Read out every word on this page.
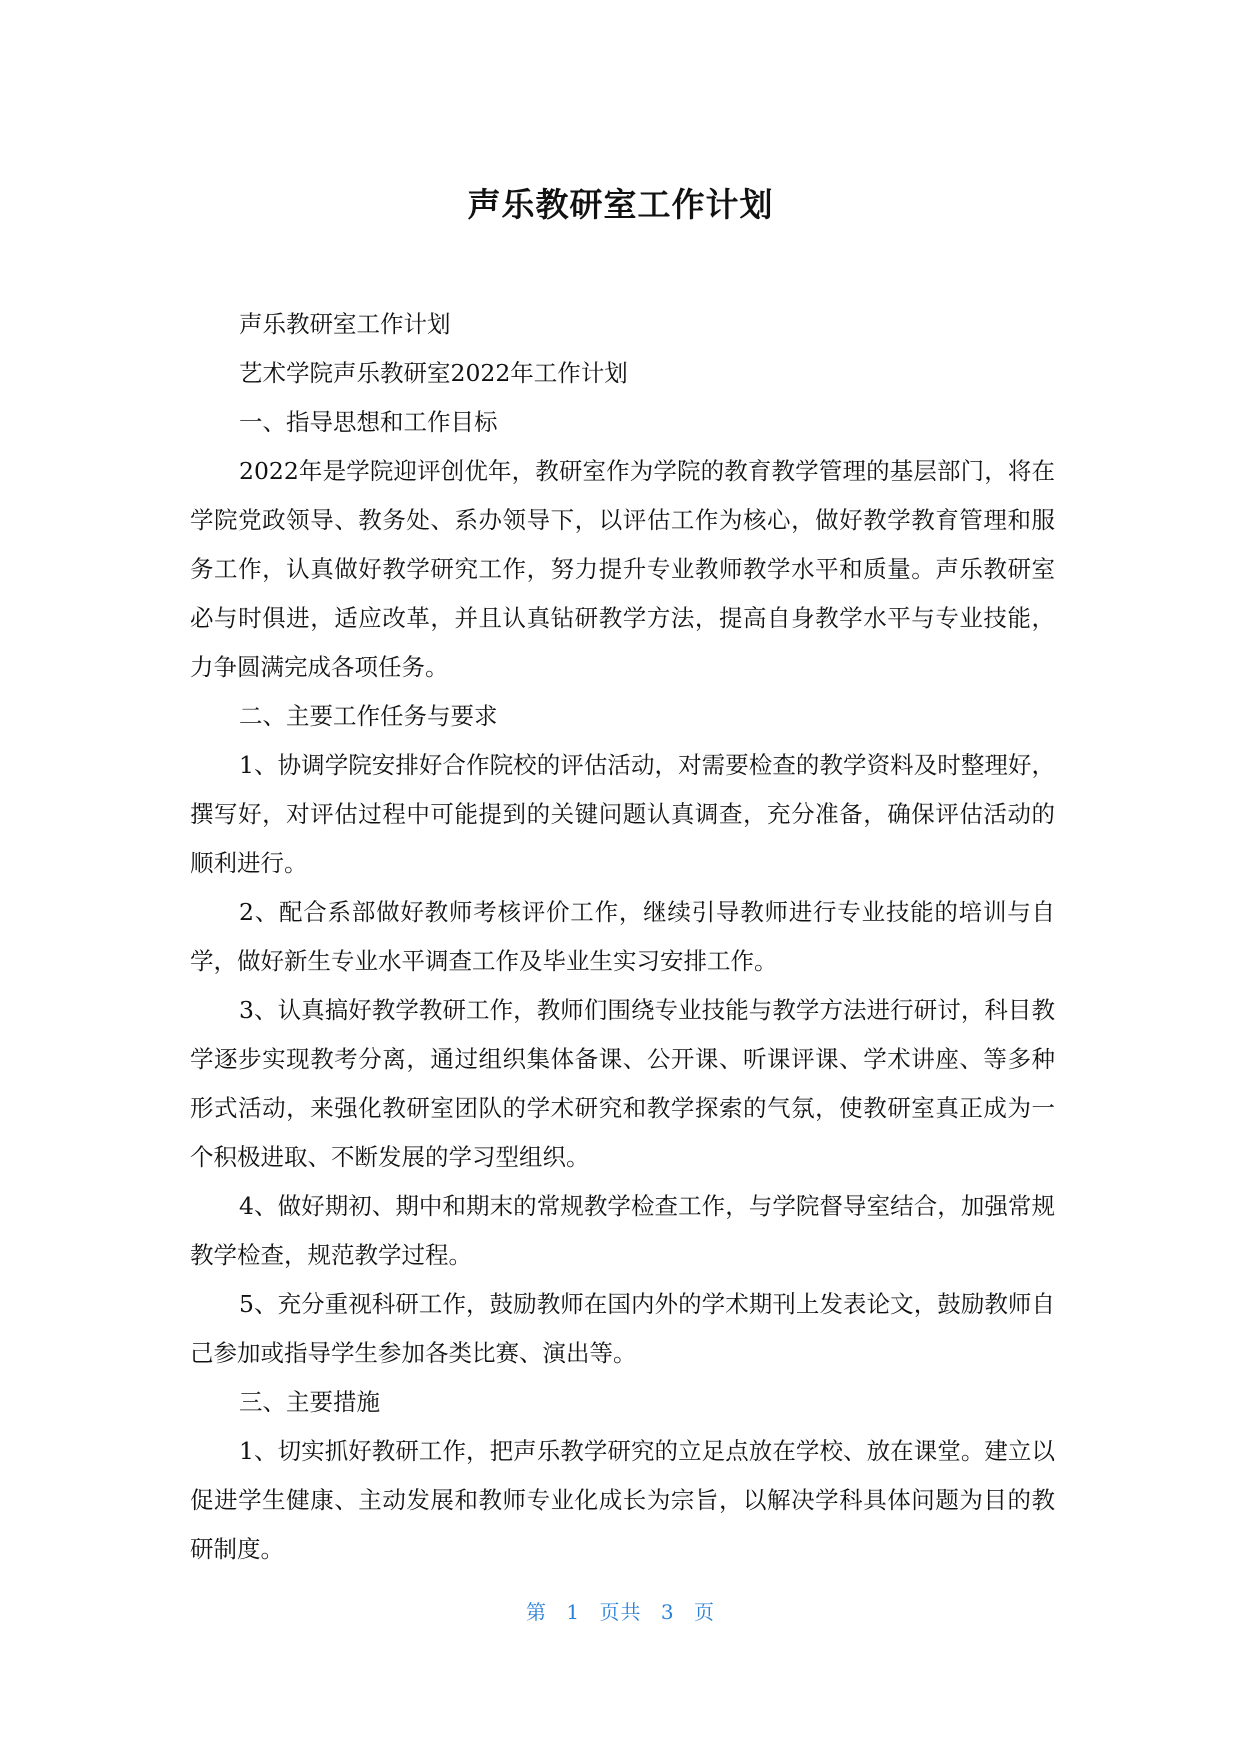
声乐教研室工作计划

声乐教研室工作计划

艺术学院声乐教研室2022年工作计划

一、指导思想和工作目标

2022年是学院迎评创优年，教研室作为学院的教育教学管理的基层部门，将在学院党政领导、教务处、系办领导下，以评估工作为核心，做好教学教育管理和服务工作，认真做好教学研究工作，努力提升专业教师教学水平和质量。声乐教研室必与时俱进，适应改革，并且认真钻研教学方法，提高自身教学水平与专业技能，力争圆满完成各项任务。

二、主要工作任务与要求

1、协调学院安排好合作院校的评估活动，对需要检查的教学资料及时整理好，撰写好，对评估过程中可能提到的关键问题认真调查，充分准备，确保评估活动的顺利进行。

2、配合系部做好教师考核评价工作，继续引导教师进行专业技能的培训与自学，做好新生专业水平调查工作及毕业生实习安排工作。

3、认真搞好教学教研工作，教师们围绕专业技能与教学方法进行研讨，科目教学逐步实现教考分离，通过组织集体备课、公开课、听课评课、学术讲座、等多种形式活动，来强化教研室团队的学术研究和教学探索的气氛，使教研室真正成为一个积极进取、不断发展的学习型组织。

4、做好期初、期中和期末的常规教学检查工作，与学院督导室结合，加强常规教学检查，规范教学过程。

5、充分重视科研工作，鼓励教师在国内外的学术期刊上发表论文，鼓励教师自己参加或指导学生参加各类比赛、演出等。

三、主要措施

1、切实抓好教研工作，把声乐教学研究的立足点放在学校、放在课堂。建立以促进学生健康、主动发展和教师专业化成长为宗旨，以解决学科具体问题为目的教研制度。

第 1 页共 3 页
